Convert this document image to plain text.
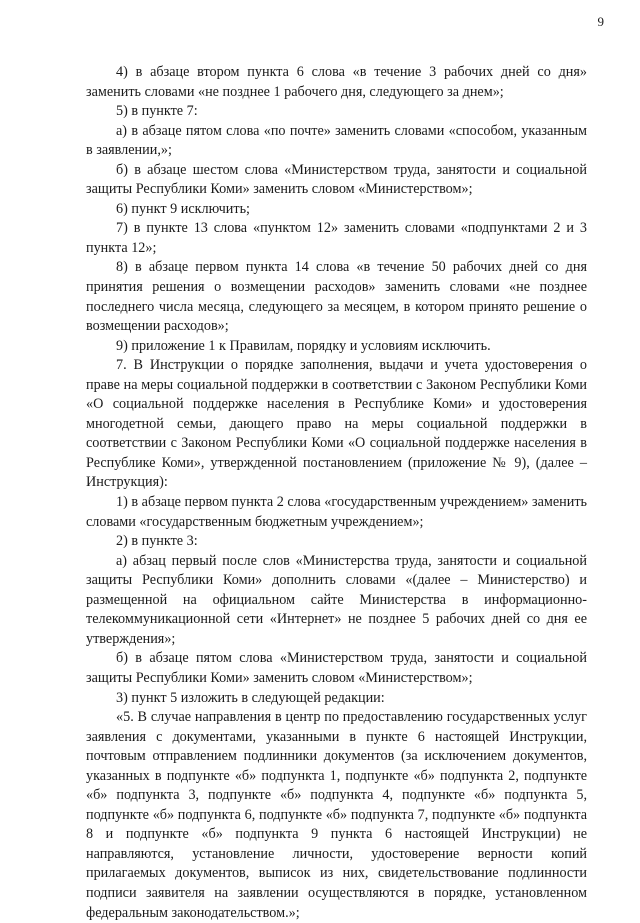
9

4) в абзаце втором пункта 6 слова «в течение 3 рабочих дней со дня» заменить словами «не позднее 1 рабочего дня, следующего за днем»;

5) в пункте 7:

а) в абзаце пятом слова «по почте» заменить словами «способом, указанным в заявлении,»;

б) в абзаце шестом слова «Министерством труда, занятости и социальной защиты Республики Коми» заменить словом «Министерством»;

6) пункт 9 исключить;

7) в пункте 13 слова «пунктом 12» заменить словами «подпунктами 2 и 3 пункта 12»;

8) в абзаце первом пункта 14 слова «в течение 50 рабочих дней со дня принятия решения о возмещении расходов» заменить словами «не позднее последнего числа месяца, следующего за месяцем, в котором принято решение о возмещении расходов»;

9) приложение 1 к Правилам, порядку и условиям исключить.

7. В Инструкции о порядке заполнения, выдачи и учета удостоверения о праве на меры социальной поддержки в соответствии с Законом Республики Коми «О социальной поддержке населения в Республике Коми» и удостоверения многодетной семьи, дающего право на меры социальной поддержки в соответствии с Законом Республики Коми «О социальной поддержке населения в Республике Коми», утвержденной постановлением (приложение № 9), (далее – Инструкция):

1) в абзаце первом пункта 2 слова «государственным учреждением» заменить словами «государственным бюджетным учреждением»;

2) в пункте 3:

а) абзац первый после слов «Министерства труда, занятости и социальной защиты Республики Коми» дополнить словами «(далее – Министерство) и размещенной на официальном сайте Министерства в информационно-телекоммуникационной сети «Интернет» не позднее 5 рабочих дней со дня ее утверждения»;

б) в абзаце пятом слова «Министерством труда, занятости и социальной защиты Республики Коми» заменить словом «Министерством»;

3) пункт 5 изложить в следующей редакции:

«5. В случае направления в центр по предоставлению государственных услуг заявления с документами, указанными в пункте 6 настоящей Инструкции, почтовым отправлением подлинники документов (за исключением документов, указанных в подпункте «б» подпункта 1, подпункте «б» подпункта 2, подпункте «б» подпункта 3, подпункте «б» подпункта 4, подпункте «б» подпункта 5, подпункте «б» подпункта 6, подпункте «б» подпункта 7, подпункте «б» подпункта 8 и подпункте «б» подпункта 9 пункта 6 настоящей Инструкции) не направляются, установление личности, удостоверение верности копий прилагаемых документов, выписок из них, свидетельствование подлинности подписи заявителя на заявлении осуществляются в порядке, установленном федеральным законодательством.»;
